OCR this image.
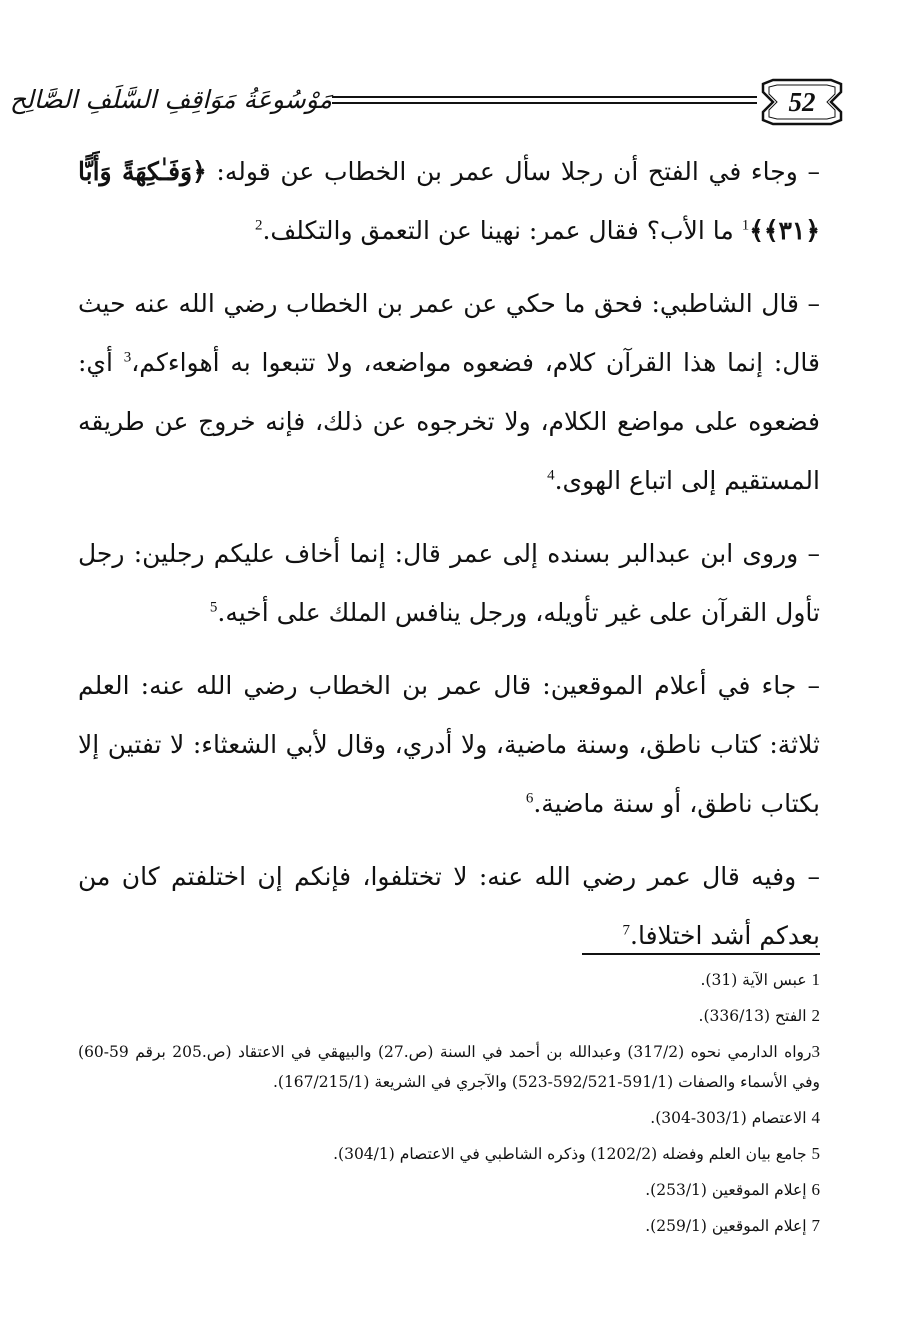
52
مَوْسُوعَةُ مَوَاقِفِ السَّلَفِ الصَّالِح

– وجاء في الفتح أن رجلا سأل عمر بن الخطاب عن قوله: ﴿وَفَـٰكِهَةً وَأَبًّا ﴿٣١﴾﴾$^1$ ما الأب؟ فقال عمر: نهينا عن التعمق والتكلف.$^2$

– قال الشاطبي: فحق ما حكي عن عمر بن الخطاب رضي الله عنه حيث قال: إنما هذا القرآن كلام، فضعوه مواضعه، ولا تتبعوا به أهواءكم،$^3$ أي: فضعوه على مواضع الكلام، ولا تخرجوه عن ذلك، فإنه خروج عن طريقه المستقيم إلى اتباع الهوى.$^4$

– وروى ابن عبدالبر بسنده إلى عمر قال: إنما أخاف عليكم رجلين: رجل تأول القرآن على غير تأويله، ورجل ينافس الملك على أخيه.$^5$

– جاء في أعلام الموقعين: قال عمر بن الخطاب رضي الله عنه: العلم ثلاثة: كتاب ناطق، وسنة ماضية، ولا أدري، وقال لأبي الشعثاء: لا تفتين إلا بكتاب ناطق، أو سنة ماضية.$^6$

– وفيه قال عمر رضي الله عنه: لا تختلفوا، فإنكم إن اختلفتم كان من بعدكم أشد اختلافا.$^7$

1 عبس الآية (31).
2 الفتح (336/13).
3رواه الدارمي نحوه (317/2) وعبدالله بن أحمد في السنة (ص.27) والبيهقي في الاعتقاد (ص.205 برقم 59-60) وفي الأسماء والصفات (591/1-592/521-523) والآجري في الشريعة (167/215/1).
4 الاعتصام (303/1-304).
5 جامع بيان العلم وفضله (1202/2) وذكره الشاطبي في الاعتصام (304/1).
6 إعلام الموقعين (253/1).
7 إعلام الموقعين (259/1).
